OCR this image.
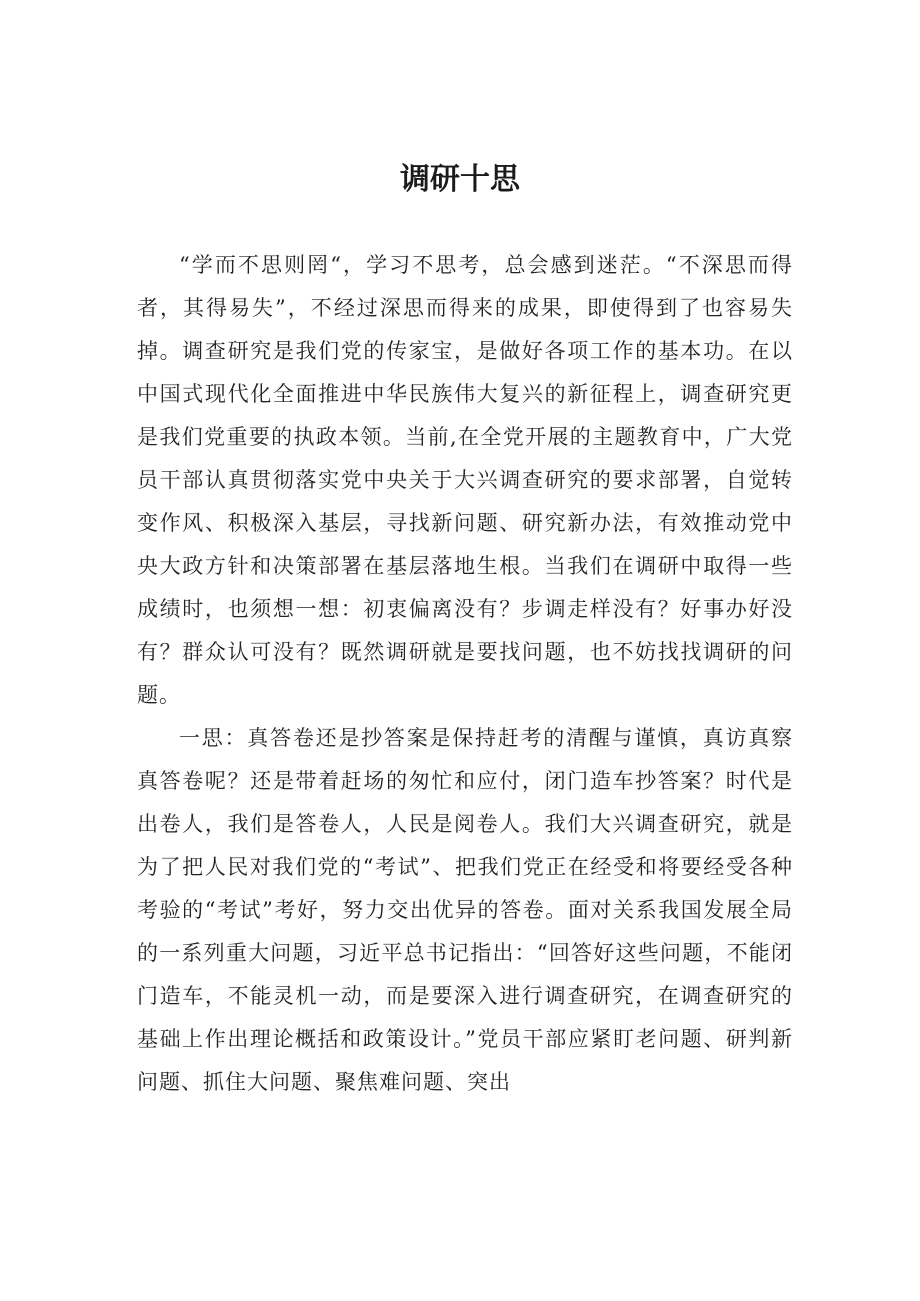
调研十思

“学而不思则罔“，学习不思考，总会感到迷茫。“不深思而得者，其得易失”，不经过深思而得来的成果，即使得到了也容易失掉。调查研究是我们党的传家宝，是做好各项工作的基本功。在以中国式现代化全面推进中华民族伟大复兴的新征程上，调查研究更是我们党重要的执政本领。当前,在全党开展的主题教育中，广大党员干部认真贯彻落实党中央关于大兴调查研究的要求部署，自觉转变作风、积极深入基层，寻找新问题、研究新办法，有效推动党中央大政方针和决策部署在基层落地生根。当我们在调研中取得一些成绩时，也须想一想：初衷偏离没有？步调走样没有？好事办好没有？群众认可没有？既然调研就是要找问题，也不妨找找调研的问题。

一思：真答卷还是抄答案是保持赶考的清醒与谨慎，真访真察真答卷呢？还是带着赶场的匆忙和应付，闭门造车抄答案？时代是出卷人，我们是答卷人，人民是阅卷人。我们大兴调查研究，就是为了把人民对我们党的“考试”、把我们党正在经受和将要经受各种考验的“考试”考好，努力交出优异的答卷。面对关系我国发展全局的一系列重大问题，习近平总书记指出：“回答好这些问题，不能闭门造车，不能灵机一动，而是要深入进行调查研究，在调查研究的基础上作出理论概括和政策设计。”党员干部应紧盯老问题、研判新问题、抓住大问题、聚焦难问题、突出
